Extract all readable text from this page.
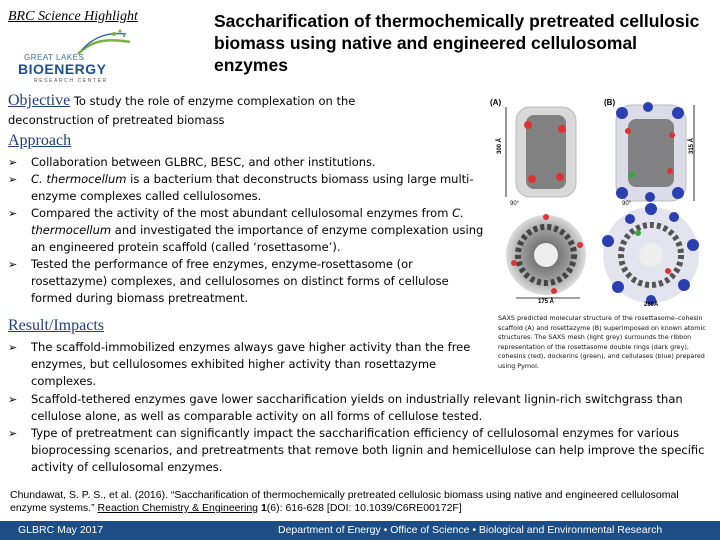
BRC Science Highlight	Saccharification of thermochemically pretreated cellulosic biomass using native and engineered cellulosomal enzymes
GREAT LAKES
BIOENERGY
RESEARCH CENTER
Objective To study the role of enzyme complexation on the deconstruction of pretreated biomass
Approach
➢ Collaboration between GLBRC, BESC, and other institutions.
➢ C. thermocellum is a bacterium that deconstructs biomass using large multi-enzyme complexes called cellulosomes.
➢ Compared the activity of the most abundant cellulosomal enzymes from C. thermocellum and investigated the importance of enzyme complexation using an engineered protein scaffold (called ‘rosettasome’).
➢ Tested the performance of free enzymes, enzyme-rosettasome (or rosettazyme) complexes, and cellulosomes on distinct forms of cellulose formed during biomass pretreatment.
Result/Impacts
➢ The scaffold-immobilized enzymes always gave higher activity than the free enzymes, but cellulosomes exhibited higher activity than rosettazyme complexes.
➢ Scaffold-tethered enzymes gave lower saccharification yields on industrially relevant lignin-rich switchgrass than cellulose alone, as well as comparable activity on all forms of cellulose tested.
➢ Type of pretreatment can significantly impact the saccharification efficiency of cellulosomal enzymes for various bioprocessing scenarios, and pretreatments that remove both lignin and hemicellulose can help improve the specific activity of cellulosomal enzymes.
(A)	(B)
300 Å	315 Å
90°	90°
175 Å	260Å
SAXS predicted molecular structure of the rosettasome–cohesin scaffold (A) and rosettazyme (B) superimposed on known atomic structures. The SAXS mesh (light grey) surrounds the ribbon representation of the rosettasome double rings (dark grey), cohesins (red), dockerins (green), and cellulases (blue) prepared using Pymol.
Chundawat, S. P. S., et al. (2016). “Saccharification of thermochemically pretreated cellulosic biomass using native and engineered cellulosomal enzyme systems.” Reaction Chemistry & Engineering 1(6): 616-628 [DOI: 10.1039/C6RE00172F]
GLBRC May 2017	Department of Energy • Office of Science • Biological and Environmental Research
